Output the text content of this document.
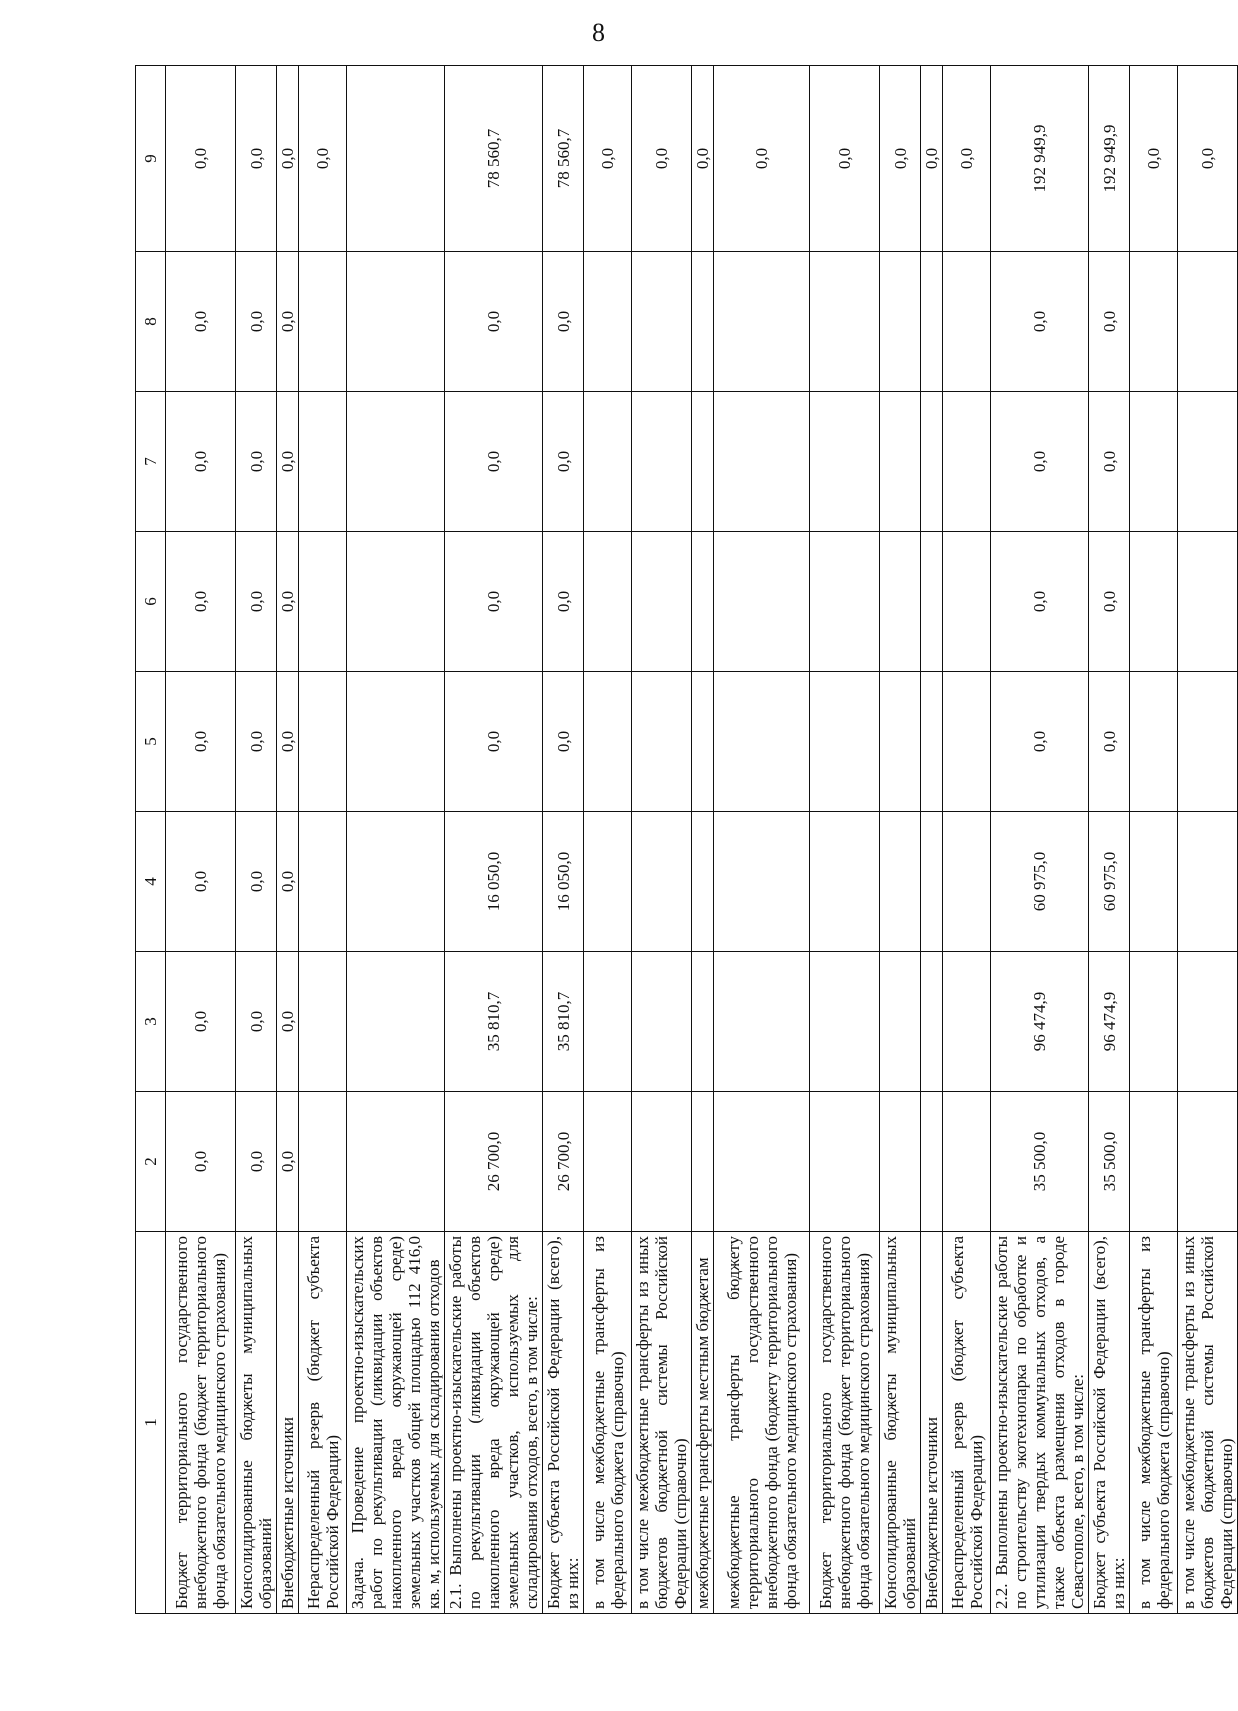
8
1	2	3	4	5	6	7	8	9
Бюджет территориального государственного внебюджетного фонда (бюджет территориального фонда обязательного медицинского страхования)	0,0	0,0	0,0	0,0	0,0	0,0	0,0	0,0
Консолидированные бюджеты муниципальных образований	0,0	0,0	0,0	0,0	0,0	0,0	0,0	0,0
Внебюджетные источники	0,0	0,0	0,0	0,0	0,0	0,0	0,0	0,0
Нераспределенный резерв (бюджет субъекта Российской Федерации)								0,0
Задача. Проведение проектно-изыскательских работ по рекультивации (ликвидации объектов накопленного вреда окружающей среде) земельных участков общей площадью 112 416,0 кв. м, используемых для складирования отходов								
2.1. Выполнены проектно-изыскательские работы по рекультивации (ликвидации объектов накопленного вреда окружающей среде) земельных участков, используемых для складирования отходов, всего, в том числе:	26 700,0	35 810,7	16 050,0	0,0	0,0	0,0	0,0	78 560,7
Бюджет субъекта Российской Федерации (всего), из них:	26 700,0	35 810,7	16 050,0	0,0	0,0	0,0	0,0	78 560,7
в том числе межбюджетные трансферты из федерального бюджета (справочно)								0,0
в том числе межбюджетные трансферты из иных бюджетов бюджетной системы Российской Федерации (справочно)								0,0
межбюджетные трансферты местным бюджетам								0,0
межбюджетные трансферты бюджету территориального государственного внебюджетного фонда (бюджету территориального фонда обязательного медицинского страхования)								0,0
Бюджет территориального государственного внебюджетного фонда (бюджет территориального фонда обязательного медицинского страхования)								0,0
Консолидированные бюджеты муниципальных образований								0,0
Внебюджетные источники								0,0
Нераспределенный резерв (бюджет субъекта Российской Федерации)								0,0
2.2. Выполнены проектно-изыскательские работы по строительству экотехнопарка по обработке и утилизации твердых коммунальных отходов, а также объекта размещения отходов в городе Севастополе, всего, в том числе:	35 500,0	96 474,9	60 975,0	0,0	0,0	0,0	0,0	192 949,9
Бюджет субъекта Российской Федерации (всего), из них:	35 500,0	96 474,9	60 975,0	0,0	0,0	0,0	0,0	192 949,9
в том числе межбюджетные трансферты из федерального бюджета (справочно)								0,0
в том числе межбюджетные трансферты из иных бюджетов бюджетной системы Российской Федерации (справочно)								0,0
